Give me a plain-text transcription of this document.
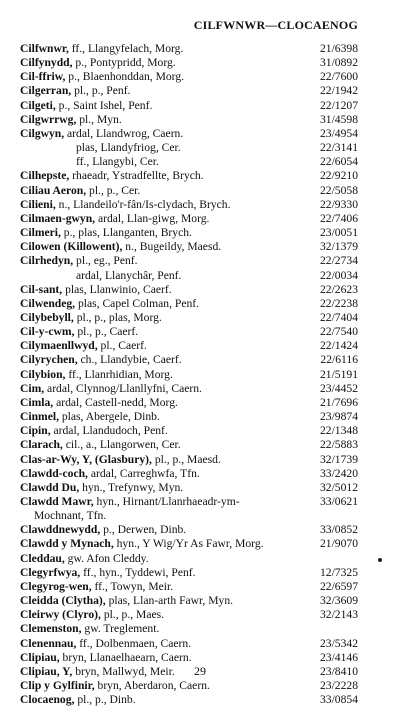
CILFWNWR—CLOCAENOG
Cilfwnwr, ff., Llangyfelach, Morg.	21/6398
Cilfynydd, p., Pontypridd, Morg.	31/0892
Cil-ffriw, p., Blaenhonddan, Morg.	22/7600
Cilgerran, pl., p., Penf.	22/1942
Cilgeti, p., Saint Ishel, Penf.	22/1207
Cilgwrrwg, pl., Myn.	31/4598
Cilgwyn, ardal, Llandwrog, Caern.	23/4954
plas, Llandyfriog, Cer.	22/3141
ff., Llangybi, Cer.	22/6054
Cilhepste, rhaeadr, Ystradfellte, Brych.	22/9210
Ciliau Aeron, pl., p., Cer.	22/5058
Cilieni, n., Llandeilo'r-fân/Is-clydach, Brych.	22/9330
Cilmaen-gwyn, ardal, Llan-giwg, Morg.	22/7406
Cilmeri, p., plas, Llanganten, Brych.	23/0051
Cilowen (Killowent), n., Bugeildy, Maesd.	32/1379
Cilrhedyn, pl., eg., Penf.	22/2734
ardal, Llanychâr, Penf.	22/0034
Cil-sant, plas, Llanwinio, Caerf.	22/2623
Cilwendeg, plas, Capel Colman, Penf.	22/2238
Cilybebyll, pl., p., plas, Morg.	22/7404
Cil-y-cwm, pl., p., Caerf.	22/7540
Cilymaenllwyd, pl., Caerf.	22/1424
Cilyrychen, ch., Llandybie, Caerf.	22/6116
Cilybion, ff., Llanrhidian, Morg.	21/5191
Cim, ardal, Clynnog/Llanllyfni, Caern.	23/4452
Cimla, ardal, Castell-nedd, Morg.	21/7696
Cinmel, plas, Abergele, Dinb.	23/9874
Cipin, ardal, Llandudoch, Penf.	22/1348
Clarach, cil., a., Llangorwen, Cer.	22/5883
Clas-ar-Wy, Y, (Glasbury), pl., p., Maesd.	32/1739
Clawdd-coch, ardal, Carreghwfa, Tfn.	33/2420
Clawdd Du, hyn., Trefynwy, Myn.	32/5012
Clawdd Mawr, hyn., Hirnant/Llanrhaeadr-ym-	33/0621
Mochnant, Tfn.
Clawddnewydd, p., Derwen, Dinb.	33/0852
Clawdd y Mynach, hyn., Y Wig/Yr As Fawr, Morg.	21/9070
Cleddau, gw. Afon Cleddy.
Clegyrfwya, ff., hyn., Tyddewi, Penf.	12/7325
Clegyrog-wen, ff., Towyn, Meir.	22/6597
Cleidda (Clytha), plas, Llan-arth Fawr, Myn.	32/3609
Cleirwy (Clyro), pl., p., Maes.	32/2143
Clemenston, gw. Treglement.
Clenennau, ff., Dolbenmaen, Caern.	23/5342
Clipiau, bryn, Llanaelhaearn, Caern.	23/4146
Clipiau, Y, bryn, Mallwyd, Meir.	23/8410
Clip y Gylfinir, bryn, Aberdaron, Caern.	23/2228
Clocaenog, pl., p., Dinb.	33/0854
29
